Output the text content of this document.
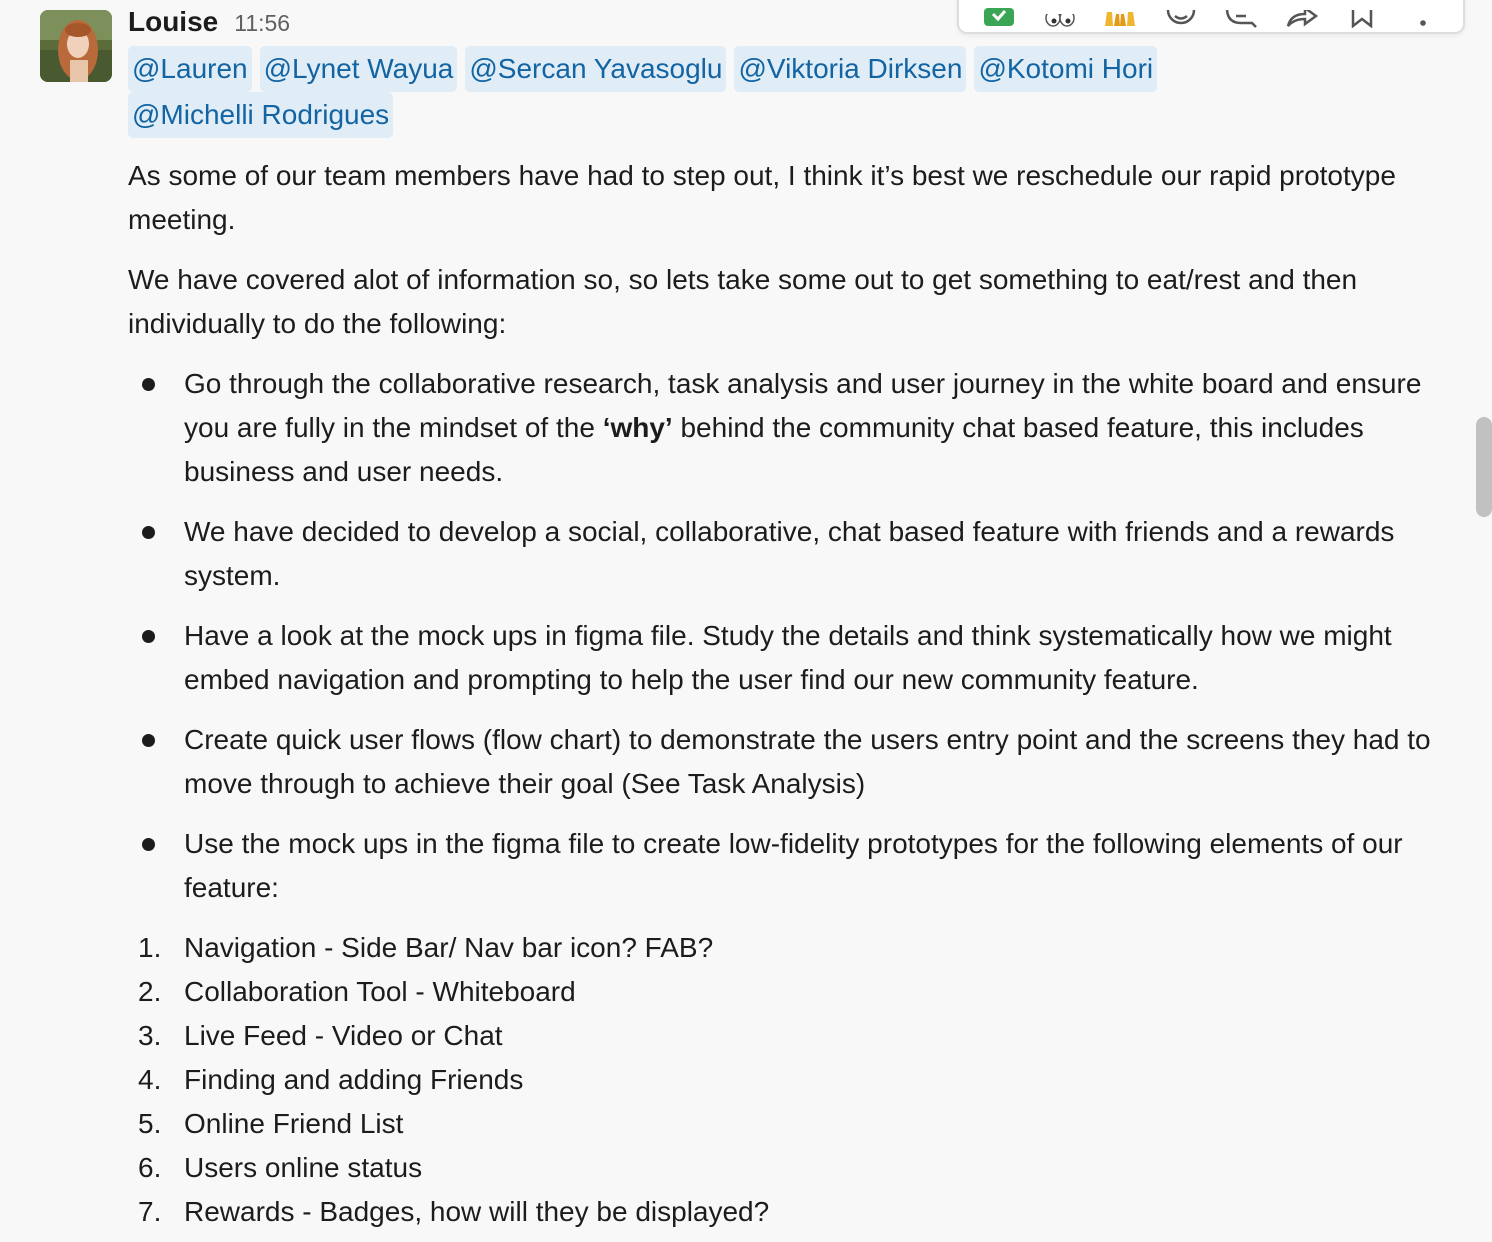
Louise 11:56
@Lauren @Lynet Wayua @Sercan Yavasoglu @Viktoria Dirksen @Kotomi Hori
@Michelli Rodrigues

As some of our team members have had to step out, I think it’s best we reschedule our rapid prototype meeting.

We have covered alot of information so, so lets take some out to get something to eat/rest and then individually to do the following:

Go through the collaborative research, task analysis and user journey in the white board and ensure you are fully in the mindset of the ‘why’ behind the community chat based feature, this includes business and user needs.
We have decided to develop a social, collaborative, chat based feature with friends and a rewards system.
Have a look at the mock ups in figma file. Study the details and think systematically how we might embed navigation and prompting to help the user find our new community feature.
Create quick user flows (flow chart) to demonstrate the users entry point and the screens they had to move through to achieve their goal (See Task Analysis)
Use the mock ups in the figma file to create low-fidelity prototypes for the following elements of our feature:
1. Navigation - Side Bar/ Nav bar icon? FAB?
2. Collaboration Tool - Whiteboard
3. Live Feed - Video or Chat
4. Finding and adding Friends
5. Online Friend List
6. Users online status
7. Rewards - Badges, how will they be displayed?
